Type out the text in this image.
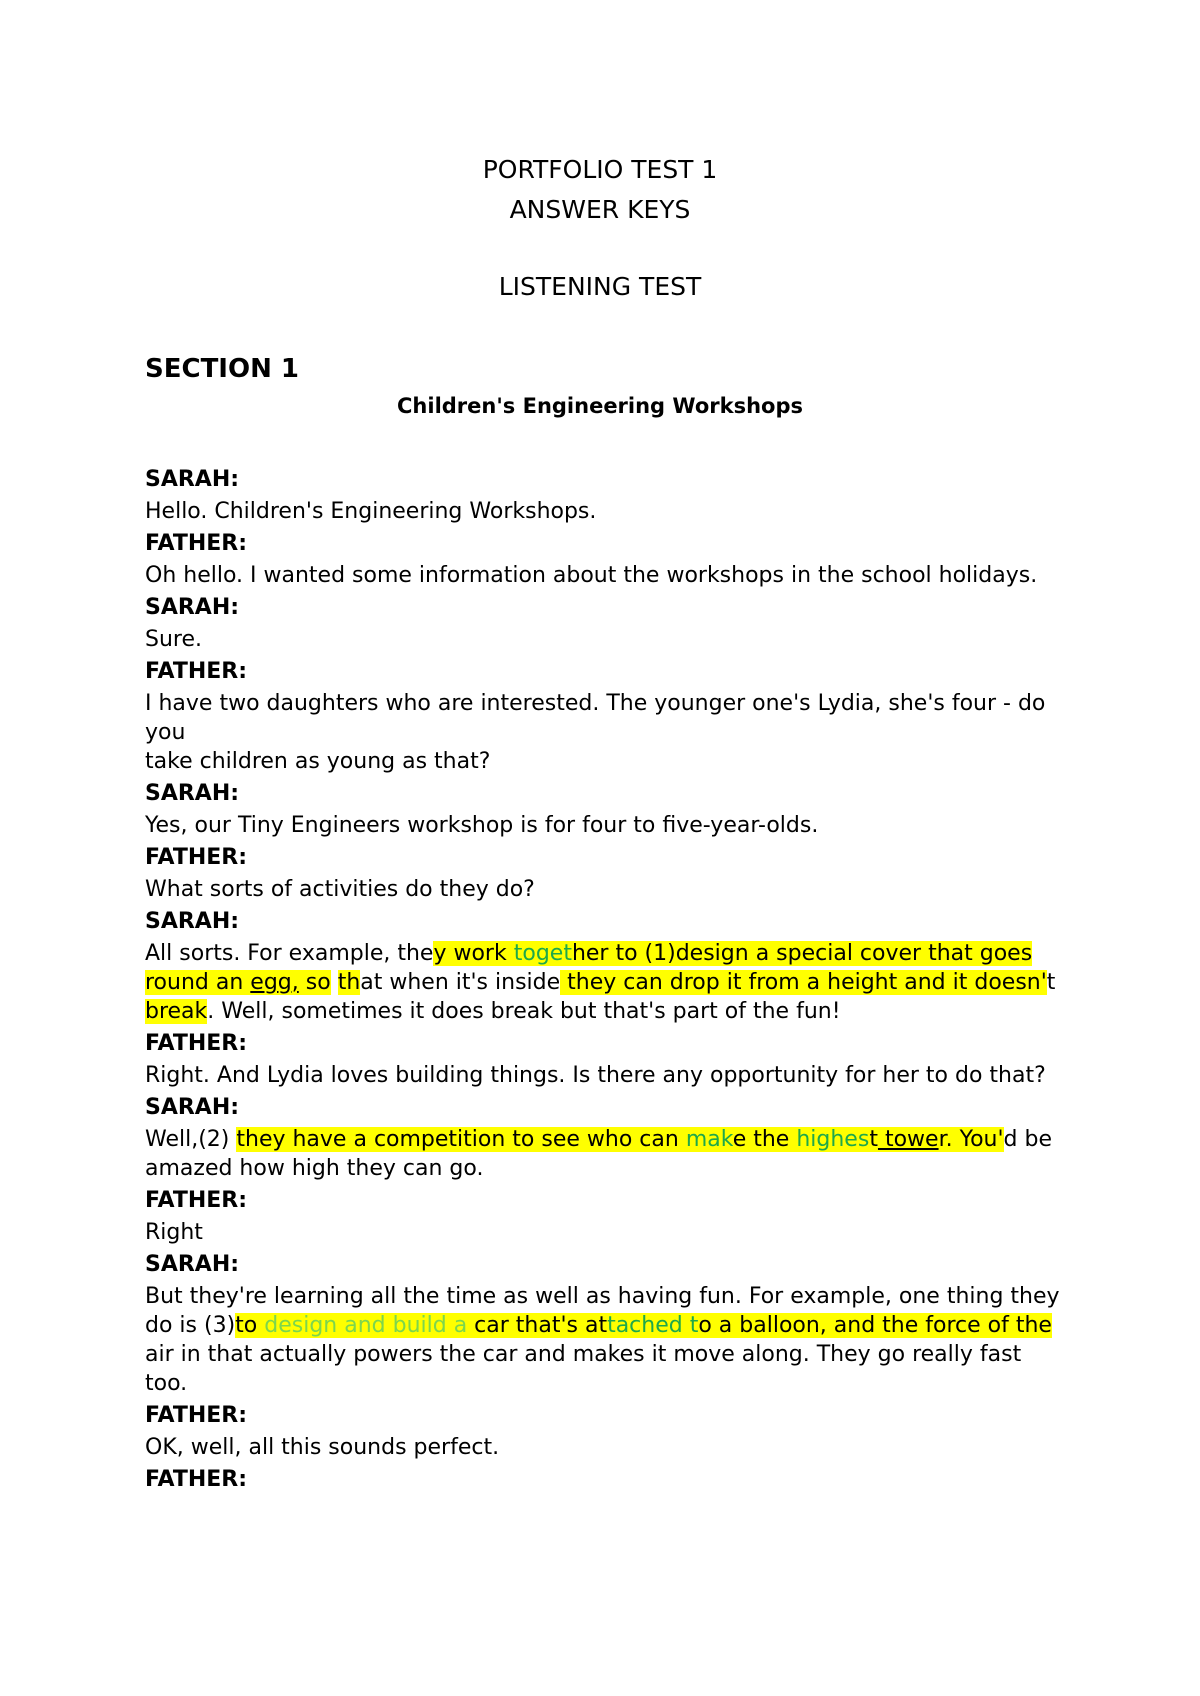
PORTFOLIO TEST 1
ANSWER KEYS
LISTENING TEST
SECTION 1
Children's Engineering Workshops
SARAH:
Hello. Children's Engineering Workshops.
FATHER:
Oh hello. I wanted some information about the workshops in the school holidays.
SARAH:
Sure.
FATHER:
I have two daughters who are interested. The younger one's Lydia, she's four - do you
take children as young as that?
SARAH:
Yes, our Tiny Engineers workshop is for four to five-year-olds.
FATHER:
What sorts of activities do they do?
SARAH:
All sorts. For example, they work together to (1)design a special cover that goes
round an egg, so that when it's inside they can drop it from a height and it doesn't
break. Well, sometimes it does break but that's part of the fun!
FATHER:
Right. And Lydia loves building things. Is there any opportunity for her to do that?
SARAH:
Well,(2) they have a competition to see who can make the highest tower. You'd be
amazed how high they can go.
FATHER:
Right
SARAH:
But they're learning all the time as well as having fun. For example, one thing they
do is (3)to design and build a car that's attached to a balloon, and the force of the
air in that actually powers the car and makes it move along. They go really fast
too.
FATHER:
OK, well, all this sounds perfect.
FATHER:
